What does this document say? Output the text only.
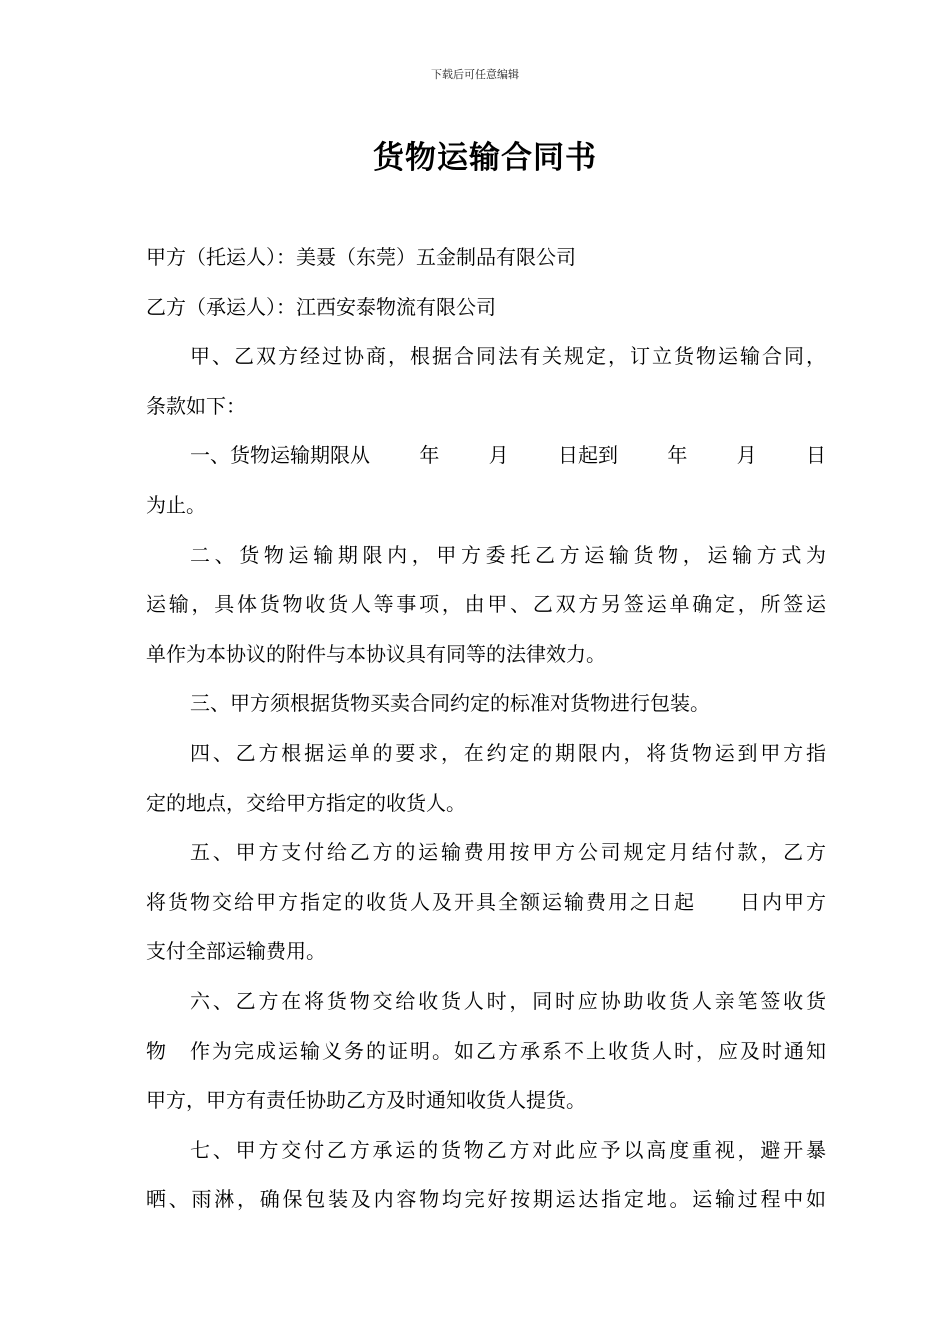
下载后可任意编辑
货物运输合同书
甲方（托运人）：美聂（东莞）五金制品有限公司
乙方（承运人）：江西安泰物流有限公司
甲、乙双方经过协商，根据合同法有关规定，订立货物运输合同，
条款如下：
一、货物运输期限从 年 月 日起到 年 月 日
为止。
二、货物运输期限内，甲方委托乙方运输货物，运输方式为
运输，具体货物收货人等事项，由甲、乙双方另签运单确定，所签运
单作为本协议的附件与本协议具有同等的法律效力。
三、甲方须根据货物买卖合同约定的标准对货物进行包装。
四、乙方根据运单的要求，在约定的期限内，将货物运到甲方指
定的地点，交给甲方指定的收货人。
五、甲方支付给乙方的运输费用按甲方公司规定月结付款，乙方
将货物交给甲方指定的收货人及开具全额运输费用之日起　　日内甲方
支付全部运输费用。
六、乙方在将货物交给收货人时，同时应协助收货人亲笔签收货
物　作为完成运输义务的证明。如乙方承系不上收货人时，应及时通知
甲方，甲方有责任协助乙方及时通知收货人提货。
七、甲方交付乙方承运的货物乙方对此应予以高度重视，避开暴
晒、雨淋，确保包装及内容物均完好按期运达指定地。运输过程中如
